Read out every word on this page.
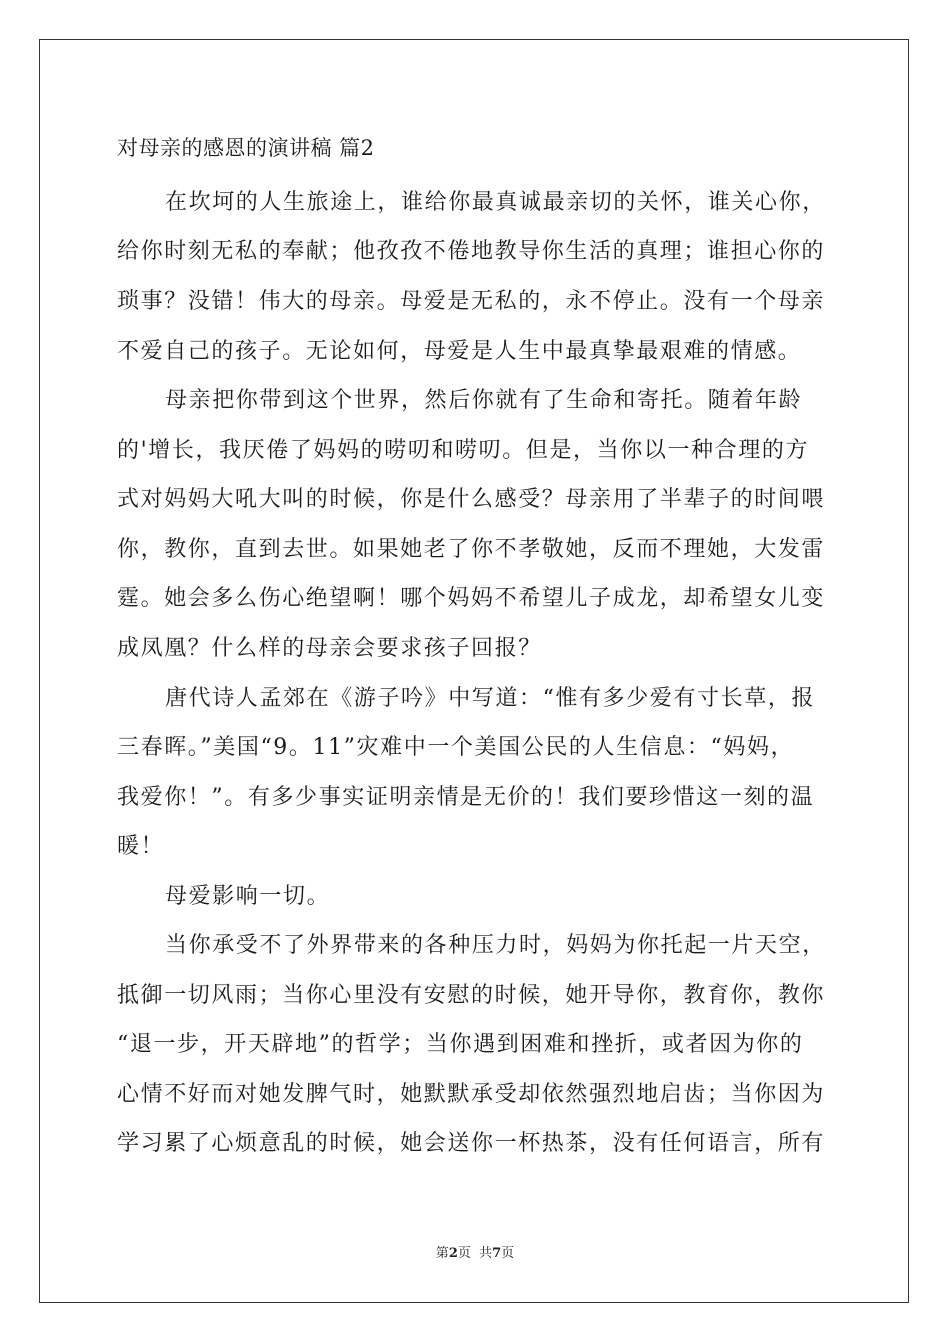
对母亲的感恩的演讲稿 篇2
在坎坷的人生旅途上，谁给你最真诚最亲切的关怀，谁关心你，
给你时刻无私的奉献；他孜孜不倦地教导你生活的真理；谁担心你的
琐事？没错！伟大的母亲。母爱是无私的，永不停止。没有一个母亲
不爱自己的孩子。无论如何，母爱是人生中最真挚最艰难的情感。
母亲把你带到这个世界，然后你就有了生命和寄托。随着年龄
的'增长，我厌倦了妈妈的唠叨和唠叨。但是，当你以一种合理的方
式对妈妈大吼大叫的时候，你是什么感受？母亲用了半辈子的时间喂
你，教你，直到去世。如果她老了你不孝敬她，反而不理她，大发雷
霆。她会多么伤心绝望啊！哪个妈妈不希望儿子成龙，却希望女儿变
成凤凰？什么样的母亲会要求孩子回报？
唐代诗人孟郊在《游子吟》中写道：“惟有多少爱有寸长草，报
三春晖。”美国“9。11”灾难中一个美国公民的人生信息：“妈妈，
我爱你！”。有多少事实证明亲情是无价的！我们要珍惜这一刻的温
暖！
母爱影响一切。
当你承受不了外界带来的各种压力时，妈妈为你托起一片天空，
抵御一切风雨；当你心里没有安慰的时候，她开导你，教育你，教你
“退一步，开天辟地”的哲学；当你遇到困难和挫折，或者因为你的
心情不好而对她发脾气时，她默默承受却依然强烈地启齿；当你因为
学习累了心烦意乱的时候，她会送你一杯热茶，没有任何语言，所有
第2页  共7页
